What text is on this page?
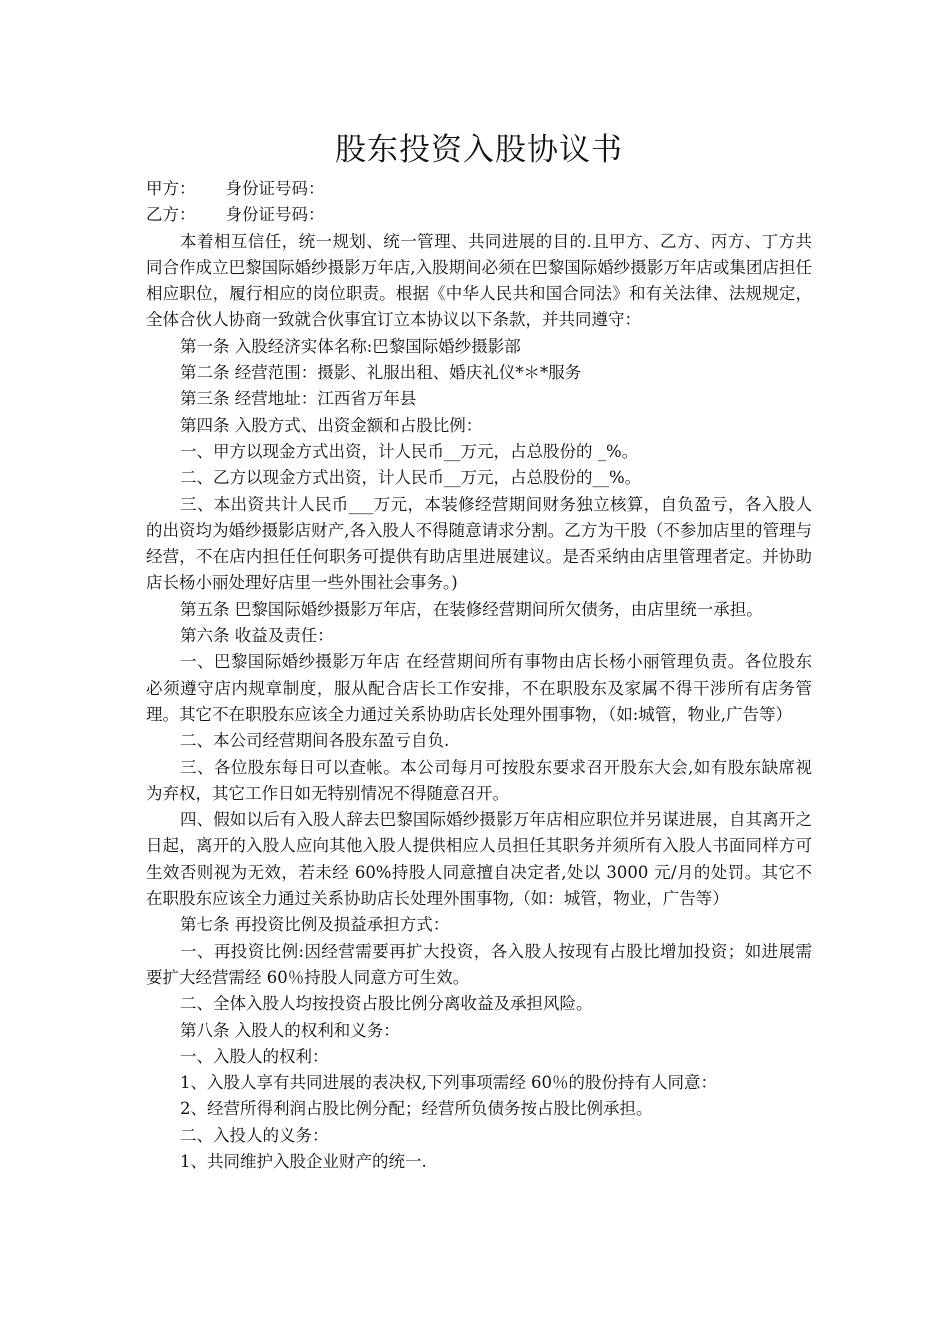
股东投资入股协议书

甲方： 身份证号码：

乙方： 身份证号码：

本着相互信任，统一规划、统一管理、共同进展的目的.且甲方、乙方、丙方、丁方共同合作成立巴黎国际婚纱摄影万年店,入股期间必须在巴黎国际婚纱摄影万年店或集团店担任相应职位，履行相应的岗位职责。根据《中华人民共和国合同法》和有关法律、法规规定，全体合伙人协商一致就合伙事宜订立本协议以下条款，并共同遵守：

第一条 入股经济实体名称:巴黎国际婚纱摄影部

第二条 经营范围：摄影、礼服出租、婚庆礼仪*＊*服务

第三条 经营地址：江西省万年县

第四条 入股方式、出资金额和占股比例：

一、甲方以现金方式出资，计人民币__万元，占总股份的 _%。

二、乙方以现金方式出资，计人民币__万元，占总股份的__%。

三、本出资共计人民币___万元，本装修经营期间财务独立核算，自负盈亏，各入股人的出资均为婚纱摄影店财产,各入股人不得随意请求分割。乙方为干股（不参加店里的管理与经营，不在店内担任任何职务可提供有助店里进展建议。是否采纳由店里管理者定。并协助店长杨小丽处理好店里一些外围社会事务。)

第五条 巴黎国际婚纱摄影万年店，在装修经营期间所欠债务，由店里统一承担。

第六条 收益及责任：

一、巴黎国际婚纱摄影万年店 在经营期间所有事物由店长杨小丽管理负责。各位股东必须遵守店内规章制度，服从配合店长工作安排，不在职股东及家属不得干涉所有店务管理。其它不在职股东应该全力通过关系协助店长处理外围事物，（如:城管，物业,广告等）

二、本公司经营期间各股东盈亏自负.

三、各位股东每日可以查帐。本公司每月可按股东要求召开股东大会,如有股东缺席视为弃权，其它工作日如无特别情况不得随意召开。

四、假如以后有入股人辞去巴黎国际婚纱摄影万年店相应职位并另谋进展，自其离开之日起，离开的入股人应向其他入股人提供相应人员担任其职务并须所有入股人书面同样方可生效否则视为无效，若未经 60%持股人同意擅自决定者,处以 3000 元/月的处罚。其它不在职股东应该全力通过关系协助店长处理外围事物,（如：城管，物业，广告等）

第七条 再投资比例及损益承担方式：

一、再投资比例:因经营需要再扩大投资，各入股人按现有占股比增加投资；如进展需要扩大经营需经 60％持股人同意方可生效。

二、全体入股人均按投资占股比例分离收益及承担风险。

第八条 入股人的权利和义务：

一、入股人的权利：

1、入股人享有共同进展的表决权,下列事项需经 60％的股份持有人同意：

2、经营所得利润占股比例分配；经营所负债务按占股比例承担。

二、入投人的义务：

1、共同维护入股企业财产的统一.
